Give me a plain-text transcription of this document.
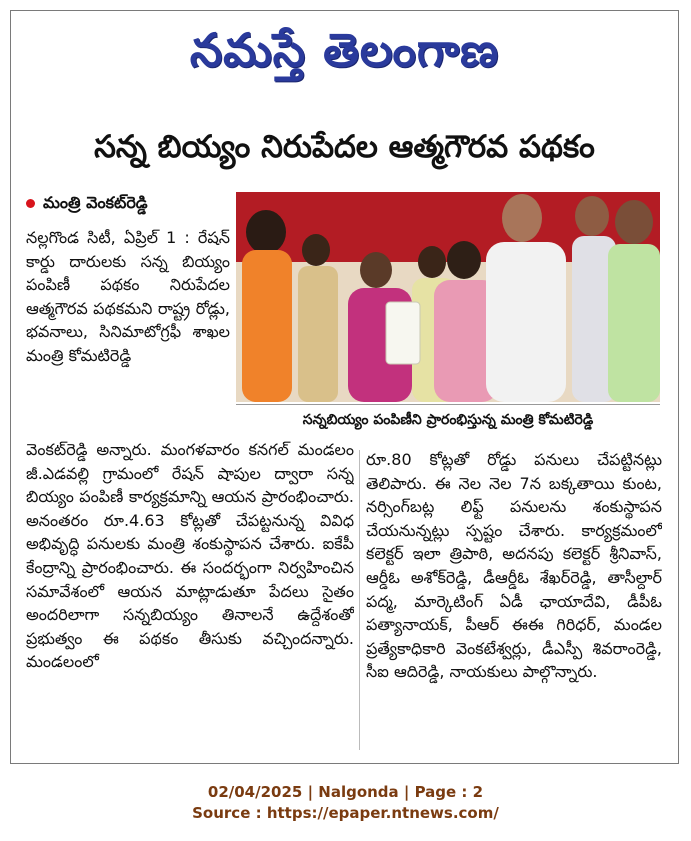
నమస్తే తెలంగాణ
సన్న బియ్యం నిరుపేదల ఆత్మగౌరవ పథకం
మంత్రి వెంకట్‌రెడ్డి
సన్నబియ్యం పంపిణీని ప్రారంభిస్తున్న మంత్రి కోమటిరెడ్డి

నల్లగొండ సిటీ, ఏప్రిల్ 1 : రేషన్ కార్డు దారులకు సన్న బియ్యం పంపిణీ పథకం నిరుపేదల ఆత్మగౌరవ పథకమని రాష్ట్ర రోడ్లు, భవనాలు, సినిమాటోగ్రఫీ శాఖల మంత్రి కోమటిరెడ్డి

వెంకట్‌రెడ్డి అన్నారు. మంగళవారం కనగల్ మండలం జీ.ఎడవల్లి గ్రామంలో రేషన్ షాపుల ద్వారా సన్న బియ్యం పంపిణీ కార్యక్రమాన్ని ఆయన ప్రారంభించారు. అనంతరం రూ.4.63 కోట్లతో చేపట్టనున్న వివిధ అభివృద్ధి పనులకు మంత్రి శంకుస్థాపన చేశారు. ఐకేపీ కేంద్రాన్ని ప్రారంభించారు. ఈ సందర్భంగా నిర్వహించిన సమావేశంలో ఆయన మాట్లాడుతూ పేదలు సైతం అందరిలాగా సన్నబియ్యం తినాలనే ఉద్దేశంతో ప్రభుత్వం ఈ పథకం తీసుకు వచ్చిందన్నారు. మండలంలో

రూ.80 కోట్లతో రోడ్డు పనులు చేపట్టినట్లు తెలిపారు. ఈ నెల నెల 7న బక్కతాయి కుంట, నర్సింగ్‌బట్ల లిఫ్ట్ పనులను శంకుస్థాపన చేయనున్నట్లు స్పష్టం చేశారు. కార్యక్రమంలో కలెక్టర్ ఇలా త్రిపాఠి, అదనపు కలెక్టర్ శ్రీనివాస్, ఆర్డీఓ అశోక్‌రెడ్డి, డీఆర్డీఓ శేఖర్‌రెడ్డి, తాసీల్దార్ పద్మ, మార్కెటింగ్ ఏడీ ఛాయాదేవి, డీపీఓ పత్యానాయక్, పీఆర్ ఈఈ గిరిధర్, మండల ప్రత్యేకాధికారి వెంకటేశ్వర్లు, డీఎస్పీ శివరాంరెడ్డి, సీఐ ఆదిరెడ్డి, నాయకులు పాల్గొన్నారు.

02/04/2025 | Nalgonda | Page : 2
Source : https://epaper.ntnews.com/
